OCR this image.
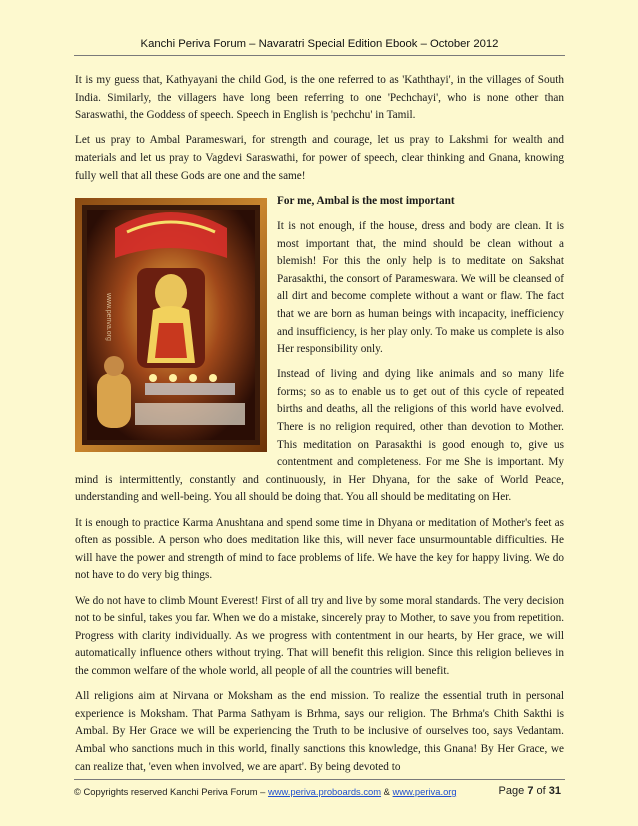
Kanchi Periva Forum – Navaratri Special Edition Ebook – October 2012

It is my guess that, Kathyayani the child God, is the one referred to as 'Kaththayi', in the villages of South India. Similarly, the villagers have long been referring to one 'Pechchayi', who is none other than Saraswathi, the Goddess of speech. Speech in English is 'pechchu' in Tamil.

Let us pray to Ambal Parameswari, for strength and courage, let us pray to Lakshmi for wealth and materials and let us pray to Vagdevi Saraswathi, for power of speech, clear thinking and Gnana, knowing fully well that all these Gods are one and the same!

www.periva.org

For me, Ambal is the most important

It is not enough, if the house, dress and body are clean. It is most important that, the mind should be clean without a blemish! For this the only help is to meditate on Sakshat Parasakthi, the consort of Parameswara. We will be cleansed of all dirt and become complete without a want or flaw. The fact that we are born as human beings with incapacity, inefficiency and insufficiency, is her play only. To make us complete is also Her responsibility only.

Instead of living and dying like animals and so many life forms; so as to enable us to get out of this cycle of repeated births and deaths, all the religions of this world have evolved. There is no religion required, other than devotion to Mother. This meditation on Parasakthi is good enough to, give us contentment and completeness. For me She is important. My mind is intermittently, constantly and continuously, in Her Dhyana, for the sake of World Peace, understanding and well-being. You all should be doing that. You all should be meditating on Her.

It is enough to practice Karma Anushtana and spend some time in Dhyana or meditation of Mother's feet as often as possible. A person who does meditation like this, will never face unsurmountable difficulties. He will have the power and strength of mind to face problems of life. We have the key for happy living. We do not have to do very big things.

We do not have to climb Mount Everest! First of all try and live by some moral standards. The very decision not to be sinful, takes you far. When we do a mistake, sincerely pray to Mother, to save you from repetition. Progress with clarity individually. As we progress with contentment in our hearts, by Her grace, we will automatically influence others without trying. That will benefit this religion. Since this religion believes in the common welfare of the whole world, all people of all the countries will benefit.

All religions aim at Nirvana or Moksham as the end mission. To realize the essential truth in personal experience is Moksham. That Parma Sathyam is Brhma, says our religion. The Brhma's Chith Sakthi is Ambal. By Her Grace we will be experiencing the Truth to be inclusive of ourselves too, says Vedantam. Ambal who sanctions much in this world, finally sanctions this knowledge, this Gnana! By Her Grace, we can realize that, 'even when involved, we are apart'. By being devoted to

© Copyrights reserved Kanchi Periva Forum – www.periva.proboards.com & www.periva.org	Page 7 of 31
